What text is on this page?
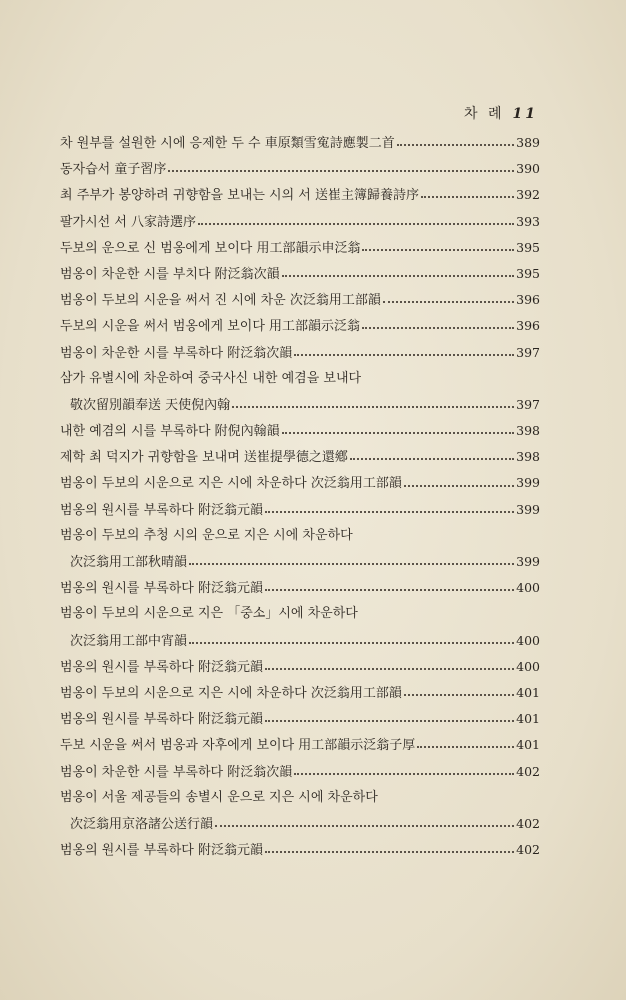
차 례 11
차 원부를 설원한 시에 응제한 두 수 車原類雪寃詩應製二首	389
동자습서 童子習序	390
최 주부가 봉양하려 귀향함을 보내는 시의 서 送崔主簿歸養詩序	392
팔가시선 서 八家詩選序	393
두보의 운으로 신 범옹에게 보이다 用工部韻示申泛翁	395
범옹이 차운한 시를 부치다 附泛翁次韻	395
범옹이 두보의 시운을 써서 진 시에 차운 次泛翁用工部韻	396
두보의 시운을 써서 범옹에게 보이다 用工部韻示泛翁	396
범옹이 차운한 시를 부록하다 附泛翁次韻	397
삼가 유별시에 차운하여 중국사신 내한 예겸을 보내다
敬次留別韻奉送 天使倪內翰	397
내한 예겸의 시를 부록하다 附倪內翰韻	398
제학 최 덕지가 귀향함을 보내며 送崔提學德之還鄕	398
범옹이 두보의 시운으로 지은 시에 차운하다 次泛翁用工部韻	399
범옹의 원시를 부록하다 附泛翁元韻	399
범옹이 두보의 추청 시의 운으로 지은 시에 차운하다
次泛翁用工部秋晴韻	399
범옹의 원시를 부록하다 附泛翁元韻	400
범옹이 두보의 시운으로 지은 「중소」시에 차운하다
次泛翁用工部中宵韻	400
범옹의 원시를 부록하다 附泛翁元韻	400
범옹이 두보의 시운으로 지은 시에 차운하다 次泛翁用工部韻	401
범옹의 원시를 부록하다 附泛翁元韻	401
두보 시운을 써서 범옹과 자후에게 보이다 用工部韻示泛翁子厚	401
범옹이 차운한 시를 부록하다 附泛翁次韻	402
범옹이 서울 제공들의 송별시 운으로 지은 시에 차운하다
次泛翁用京洛諸公送行韻	402
범옹의 원시를 부록하다 附泛翁元韻	402
